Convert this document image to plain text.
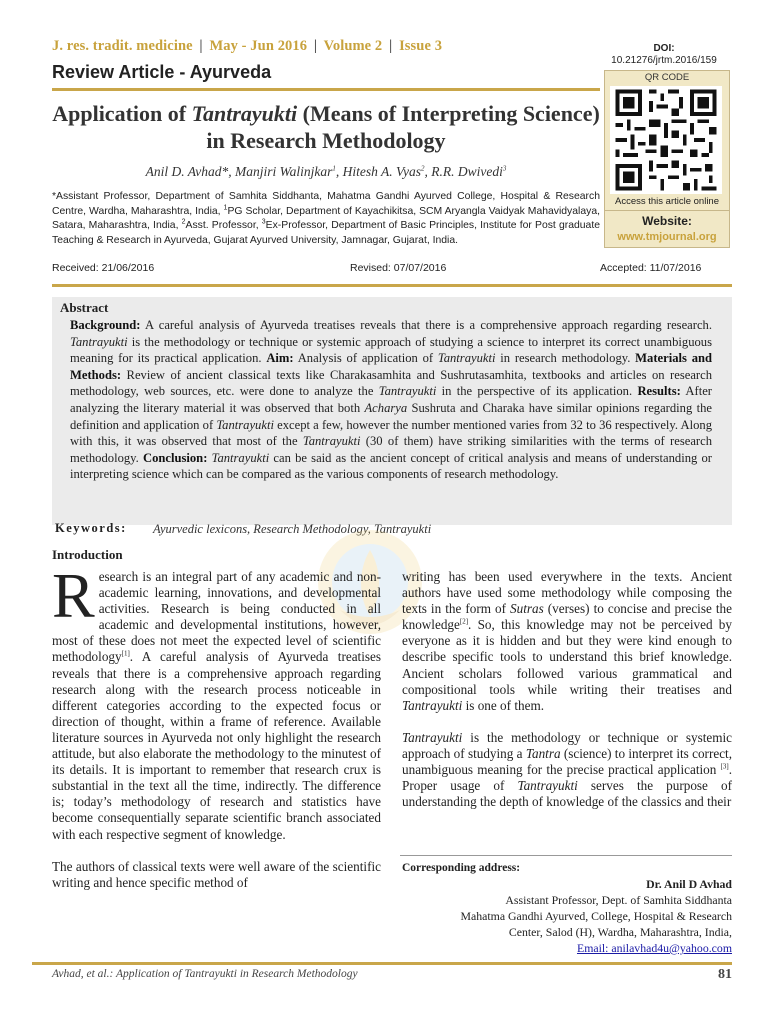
J. res. tradit. medicine | May - Jun 2016 | Volume 2 | Issue 3	DOI:
10.21276/jrtm.2016/159
Review Article - Ayurveda	QR CODE
Access this article online
Website:
www.tmjournal.org
Application of Tantrayukti (Means of Interpreting Science) in Research Methodology
Anil D. Avhad*, Manjiri Walinjkar$^1$, Hitesh A. Vyas$^2$, R.R. Dwivedi$^3$
*Assistant Professor, Department of Samhita Siddhanta, Mahatma Gandhi Ayurved College, Hospital & Research Centre, Wardha, Maharashtra, India, $^1$PG Scholar, Department of Kayachikitsa, SCM Aryangla Vaidyak Mahavidyalaya, Satara, Maharashtra, India, $^2$Asst. Professor, $^3$Ex-Professor, Department of Basic Principles, Institute for Post graduate Teaching & Research in Ayurveda, Gujarat Ayurved University, Jamnagar, Gujarat, India.
Received: 21/06/2016	Revised: 07/07/2016	Accepted: 11/07/2016
Abstract
Background: A careful analysis of Ayurveda treatises reveals that there is a comprehensive approach regarding research. Tantrayukti is the methodology or technique or systemic approach of studying a science to interpret its correct unambiguous meaning for its practical application. Aim: Analysis of application of Tantrayukti in research methodology. Materials and Methods: Review of ancient classical texts like Charakasamhita and Sushrutasamhita, textbooks and articles on research methodology, web sources, etc. were done to analyze the Tantrayukti in the perspective of its application. Results: After analyzing the literary material it was observed that both Acharya Sushruta and Charaka have similar opinions regarding the definition and application of Tantrayukti except a few, however the number mentioned varies from 32 to 36 respectively. Along with this, it was observed that most of the Tantrayukti (30 of them) have striking similarities with the terms of research methodology. Conclusion: Tantrayukti can be said as the ancient concept of critical analysis and means of understanding or interpreting science which can be compared as the various components of research methodology.
Keywords: Ayurvedic lexicons, Research Methodology, Tantrayukti
Introduction

Research is an integral part of any academic and non-academic learning, innovations, and developmental activities. Research is being conducted in all academic and developmental institutions, however, most of these does not meet the expected level of scientific methodology[1]. A careful analysis of Ayurveda treatises reveals that there is a comprehensive approach regarding research along with the research process noticeable in different categories according to the expected focus or direction of thought, within a frame of reference. Available literature sources in Ayurveda not only highlight the research attitude, but also elaborate the methodology to the minutest of its details. It is important to remember that research crux is substantial in the text all the time, indirectly. The difference is; today’s methodology of research and statistics have become consequentially separate scientific branch associated with each respective segment of knowledge.

The authors of classical texts were well aware of the scientific writing and hence specific method of

writing has been used everywhere in the texts. Ancient authors have used some methodology while composing the texts in the form of Sutras (verses) to concise and precise the knowledge[2]. So, this knowledge may not be perceived by everyone as it is hidden and but they were kind enough to describe specific tools to understand this brief knowledge. Ancient scholars followed various grammatical and compositional tools while writing their treatises and Tantrayukti is one of them.

Tantrayukti is the methodology or technique or systemic approach of studying a Tantra (science) to interpret its correct, unambiguous meaning for the precise practical application [3]. Proper usage of Tantrayukti serves the purpose of understanding the depth of knowledge of the classics and their

Corresponding address:
Dr. Anil D Avhad
Assistant Professor, Dept. of Samhita Siddhanta
Mahatma Gandhi Ayurved, College, Hospital & Research
Center, Salod (H), Wardha, Maharashtra, India,
Email: anilavhad4u@yahoo.com
Avhad, et al.: Application of Tantrayukti in Research Methodology	81
